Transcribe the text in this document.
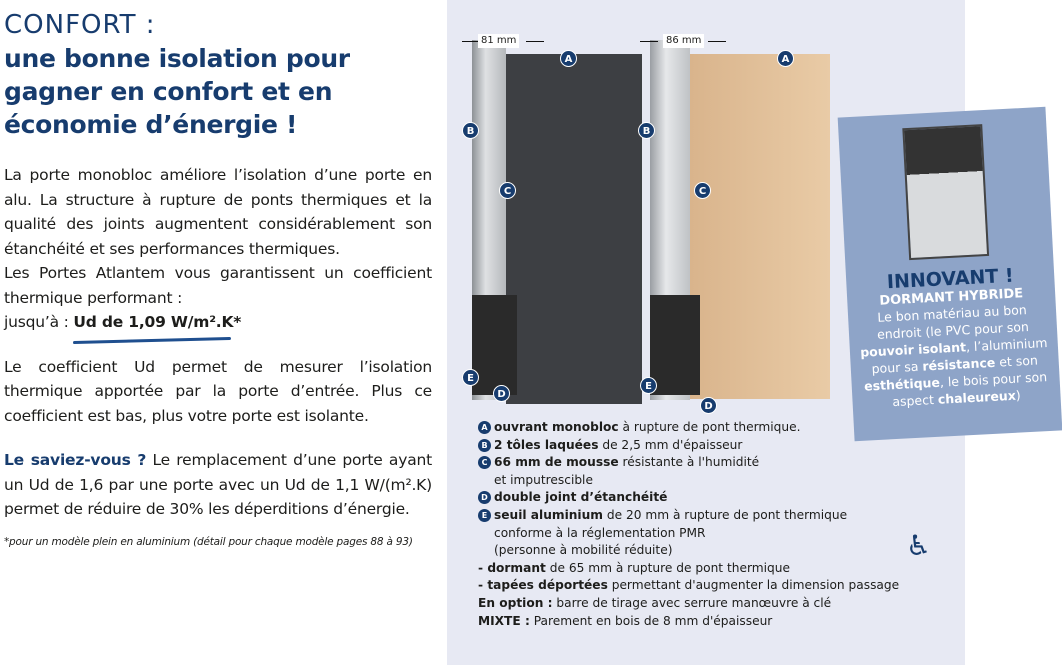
CONFORT :
une bonne isolation pour gagner en confort et en économie d’énergie !
La porte monobloc améliore l’isolation d’une porte en alu. La structure à rupture de ponts thermiques et la qualité des joints augmentent considérablement son étanchéité et ses performances thermiques.
Les Portes Atlantem vous garantissent un coefficient thermique performant :
jusqu’à : Ud de 1,09 W/m².K*
Le coefficient Ud permet de mesurer l’isolation thermique apportée par la porte d’entrée. Plus ce coefficient est bas, plus votre porte est isolante.
Le saviez-vous ? Le remplacement d’une porte ayant un Ud de 1,6 par une porte avec un Ud de 1,1 W/(m².K) permet de réduire de 30% les déperditions d’énergie.
*pour un modèle plein en aluminium (détail pour chaque modèle pages 88 à 93)
81 mm	86 mm
A
B
C
D
E
A
B
C
D
E
A ouvrant monobloc à rupture de pont thermique.
B 2 tôles laquées de 2,5 mm d'épaisseur
C 66 mm de mousse résistante à l'humidité
et imputrescible
D double joint d’étanchéité
E seuil aluminium de 20 mm à rupture de pont thermique
conforme à la réglementation PMR
(personne à mobilité réduite)
- dormant de 65 mm à rupture de pont thermique
- tapées déportées permettant d'augmenter la dimension passage
En option : barre de tirage avec serrure manœuvre à clé
MIXTE : Parement en bois de 8 mm d'épaisseur
♿
INNOVANT !
DORMANT HYBRIDE
Le bon matériau au bon endroit (le PVC pour son pouvoir isolant, l’aluminium pour sa résistance et son esthétique, le bois pour son aspect chaleureux)
